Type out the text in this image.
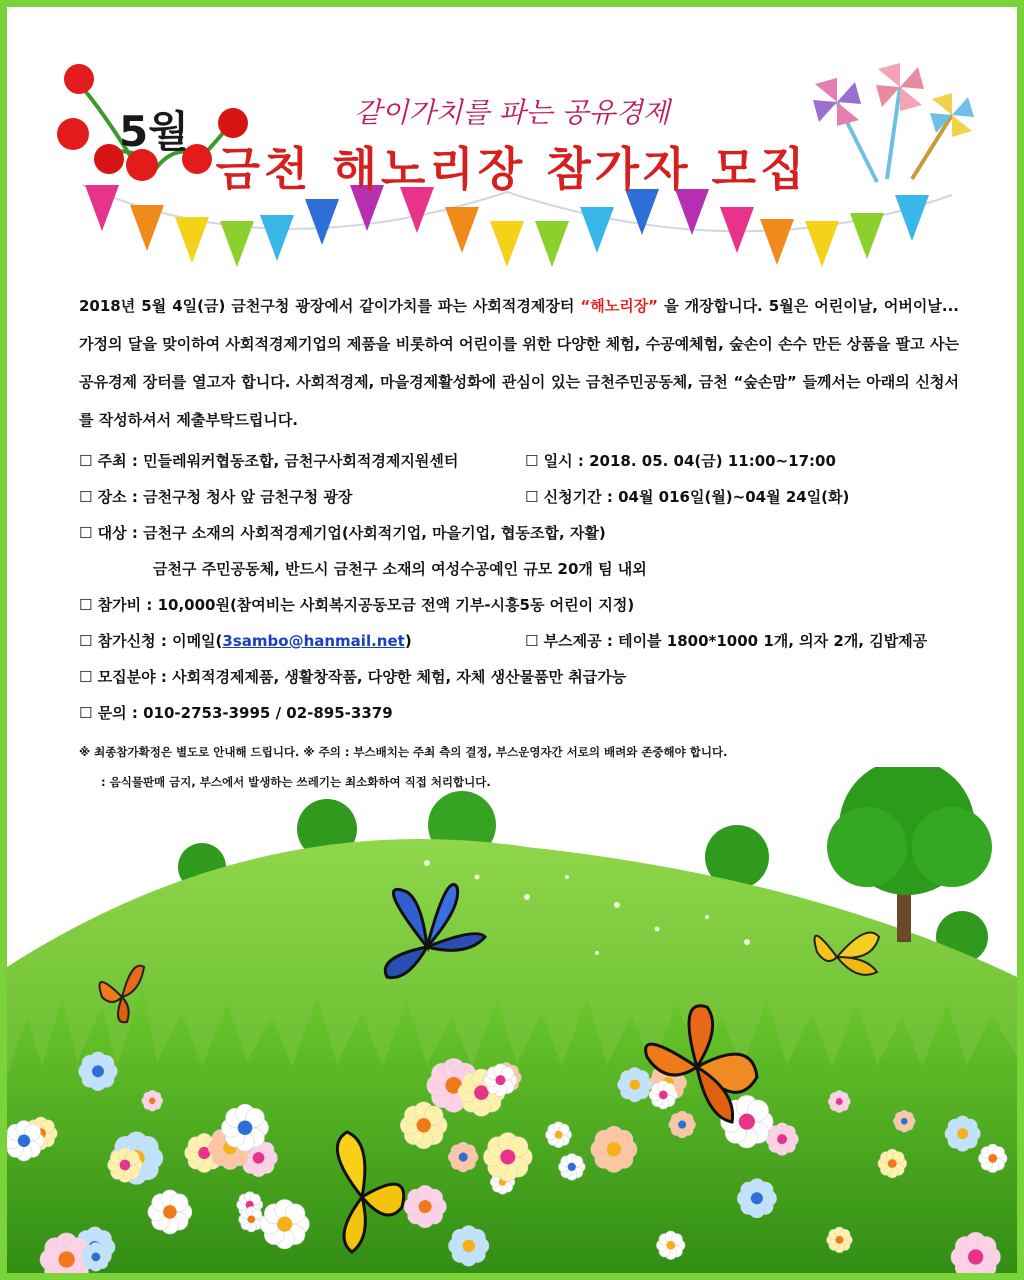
5월	같이가치를 파는 공유경제
금천 해노리장 참가자 모집
2018년 5월 4일(금) 금천구청 광장에서 같이가치를 파는 사회적경제장터 “해노리장” 을 개장합니다. 5월은 어린이날, 어버이날... 가정의 달을 맞이하여 사회적경제기업의 제품을 비롯하여 어린이를 위한 다양한 체험, 수공예체험, 숲손이 손수 만든 상품을 팔고 사는 공유경제 장터를 열고자 합니다. 사회적경제, 마을경제활성화에 관심이 있는 금천주민공동체, 금천 “숲손맘” 들께서는 아래의 신청서를 작성하셔서 제출부탁드립니다.
☐ 주최 : 민들레워커협동조합, 금천구사회적경제지원센터	☐ 일시 : 2018. 05. 04(금) 11:00~17:00
☐ 장소 : 금천구청 청사 앞 금천구청 광장	☐ 신청기간 : 04월 016일(월)~04월 24일(화)
☐ 대상 : 금천구 소재의 사회적경제기업(사회적기업, 마을기업, 협동조합, 자활)
금천구 주민공동체, 반드시 금천구 소재의 여성수공예인 규모 20개 팀 내외
☐ 참가비 : 10,000원(참여비는 사회복지공동모금 전액 기부-시흥5동 어린이 지정)
☐ 참가신청 : 이메일(3sambo@hanmail.net)	☐ 부스제공 : 테이블 1800*1000 1개, 의자 2개, 김밥제공
☐ 모집분야 : 사회적경제제품, 생활창작품, 다양한 체험, 자체 생산물품만 취급가능
☐ 문의 : 010-2753-3995 / 02-895-3379
※ 최종참가확정은 별도로 안내해 드립니다. ※ 주의 : 부스배치는 주최 측의 결정, 부스운영자간 서로의 배려와 존중해야 합니다.
: 음식물판매 금지, 부스에서 발생하는 쓰레기는 최소화하여 직접 처리합니다.
